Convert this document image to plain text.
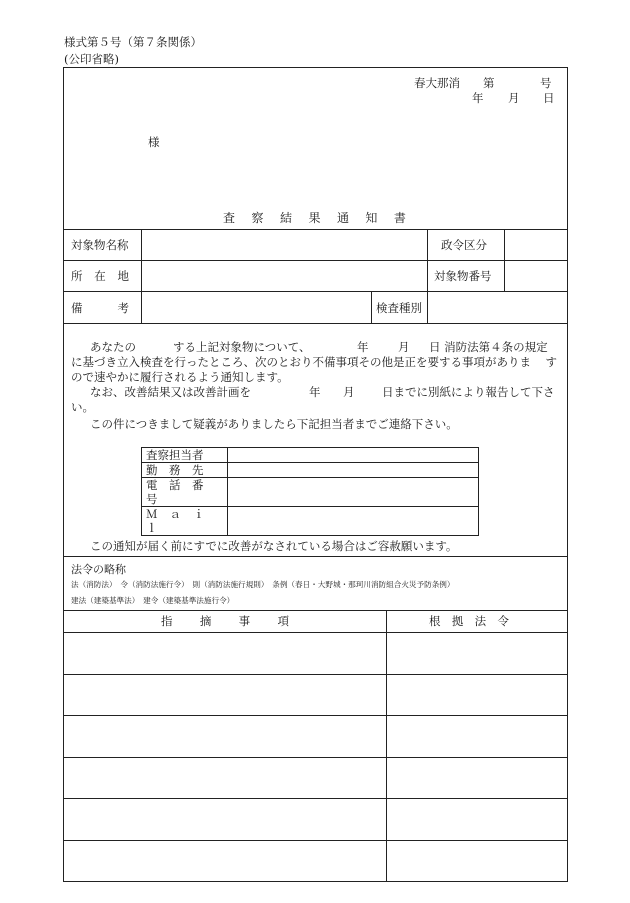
様式第５号（第７条関係）
(公印省略)
春大那消 第	号
年 月 日
様
査 察 結 果 通 知 書
対象物名称	政令区分
所 在 地	対象物番号
備	考	検査種別
あなたの	する上記対象物について、	年	月 日 消防法第４条の規定
に基づき立入検査を行ったところ、次のとおり不備事項その他是正を要する事項がありま す
ので速やかに履行されるよう通知します。
なお、改善結果又は改善計画を	年 月 日までに別紙により報告して下さ
い。
この件につきまして疑義がありましたら下記担当者までご連絡下さい。
査察担当者	
勤　務　先	
電　話　番　号	
Ｍａｉｌ	
この通知が届く前にすでに改善がなされている場合はご容赦願います。
法令の略称
法（消防法）　令（消防法施行令）　則（消防法施行規則）　条例（春日・大野城・那珂川消防組合火災予防条例）
建法（建築基準法）　建令（建築基準法施行令）
指 摘 事 項	根 拠 法 令
